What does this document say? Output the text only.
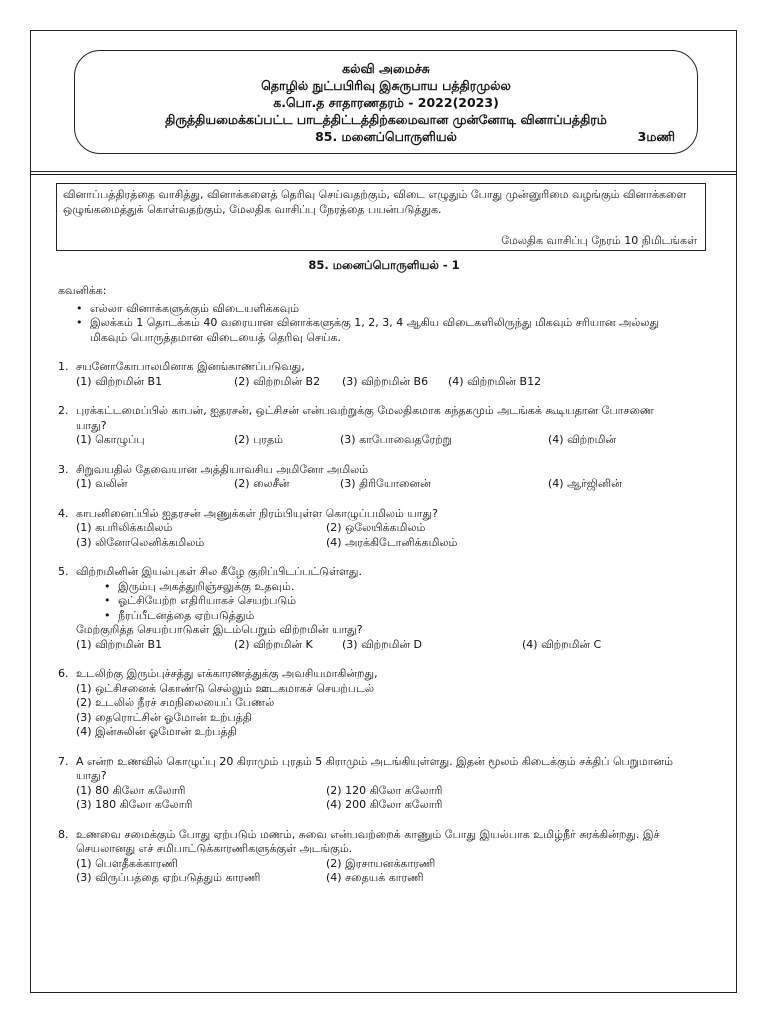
கல்வி அமைச்சு
தொழில் நுட்பபிரிவு இசுருபாய பத்திரமுல்ல
க.பொ.த சாதாரணதரம் - 2022(2023)
திருத்தியமைக்கப்பட்ட பாடத்திட்டத்திற்கமைவான முன்னோடி வினாப்பத்திரம்
85. மனைப்பொருளியல்	3மணி
வினாப்பத்திரத்தை வாசித்து, வினாக்களைத் தெரிவு செய்வதற்கும், விடை எழுதும் போது முன்னுரிமை வழங்கும் வினாக்களை ஒழுங்கமைத்துக் கொள்வதற்கும், மேலதிக வாசிப்பு நேரத்தை பயன்படுத்துக.
மேலதிக வாசிப்பு நேரம் 10 நிமிடங்கள்
85. மனைப்பொருளியல் - 1
கவனிக்க:
• எல்லா வினாக்களுக்கும் விடையளிக்கவும்
• இலக்கம் 1 தொடக்கம் 40 வரையான வினாக்களுக்கு 1, 2, 3, 4 ஆகிய விடைகளிலிருந்து மிகவும் சரியான அல்லது மிகவும் பொருத்தமான விடையைத் தெரிவு செய்க.
1. சயனோகோபாலமினாக இனங்காணப்படுவது,
(1) விற்றமின் B1	(2) விற்றமின் B2	(3) விற்றமின் B6	(4) விற்றமின் B12
2. புரக்கட்டமைப்பில் காபன், ஐதரசன், ஒட்சிசன் என்பவற்றுக்கு மேலதிகமாக கந்தகமும் அடங்கக் கூடியதான போசணை யாது?
(1) கொழுப்பு	(2) புரதம்	(3) காபோவைதரேற்று	(4) விற்றமின்
3. சிறுவயதில் தேவையான அத்தியாவசிய அமினோ அமிலம்
(1) வலின்	(2) லைசீன்	(3) திரியோனைன்	(4) ஆர்ஜினின்
4. காபனினைப்பில் ஐதரசன் அணுக்கள் நிரம்பியுள்ள கொழுப்பமிலம் யாது?
(1) கபரிலிக்கமிலம்	(2) ஒலேயிக்கமிலம்
(3) லினோலெனிக்கமிலம்	(4) அரக்கிடோனிக்கமிலம்
5. விற்றமினின் இயல்புகள் சில கீழே குறிப்பிடப்பட்டுள்ளது.
• இரும்பு அகத்துறிஞ்சலுக்கு உதவும்.
• ஓட்சியேற்ற எதிரியாகச் செயற்படும்
• நீரப்பீடனத்தை ஏற்படுத்தும்
மேற்குறித்த செயற்பாடுகள் இடம்பெறும் விற்றமின் யாது?
(1) விற்றமின் B1	(2) விற்றமின் K	(3) விற்றமின் D	(4) விற்றமின் C
6. உடலிற்கு இரும்புச்சத்து எக்காரணத்துக்கு அவசியமாகின்றது,
(1) ஒட்சிசனைக் கொண்டு செல்லும் ஊடகமாகச் செயற்படல்
(2) உடலில் நீரச் சமநிலையைப் பேணல்
(3) தைரொட்சின் ஓமோன் உற்பத்தி
(4) இன்சுலின் ஓமோன் உற்பத்தி
7. A என்ற உணவில் கொழுப்பு 20 கிராமும் புரதம் 5 கிராமும் அடங்கியுள்ளது. இதன் மூலம் கிடைக்கும் சக்திப் பெறுமானம் யாது?
(1) 80 கிலோ கலோரி	(2) 120 கிலோ கலோரி
(3) 180 கிலோ கலோரி	(4) 200 கிலோ கலோரி
8. உணவை சமைக்கும் போது ஏற்படும் மணம், சுவை என்பவற்றைக் காணும் போது இயல்பாக உமிழ்நீர் சுரக்கின்றது. இச் செயலானது எச் சமிபாட்டுக்காரணிகளுக்குள் அடங்கும்.
(1) பௌதீகக்காரணி	(2) இரசாயனக்காரணி
(3) விருப்பத்தை ஏற்படுத்தும் காரணி	(4) சதையக் காரணி
